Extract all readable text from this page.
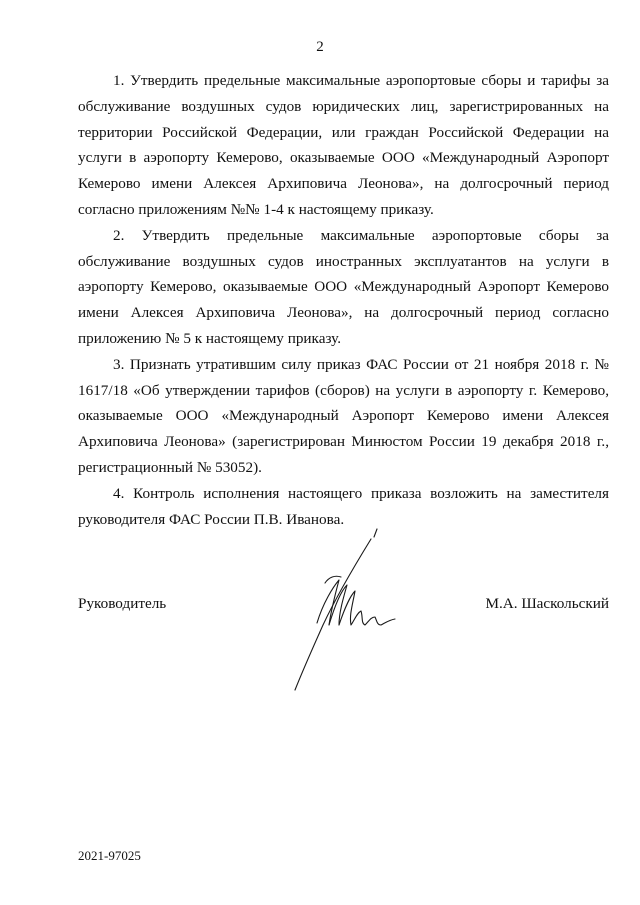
2

1. Утвердить предельные максимальные аэропортовые сборы и тарифы за обслуживание воздушных судов юридических лиц, зарегистрированных на территории Российской Федерации, или граждан Российской Федерации на услуги в аэропорту Кемерово, оказываемые ООО «Международный Аэропорт Кемерово имени Алексея Архиповича Леонова», на долгосрочный период согласно приложениям №№ 1-4 к настоящему приказу.

2. Утвердить предельные максимальные аэропортовые сборы за обслуживание воздушных судов иностранных эксплуатантов на услуги в аэропорту Кемерово, оказываемые ООО «Международный Аэропорт Кемерово имени Алексея Архиповича Леонова», на долгосрочный период согласно приложению № 5 к настоящему приказу.

3. Признать утратившим силу приказ ФАС России от 21 ноября 2018 г. № 1617/18 «Об утверждении тарифов (сборов) на услуги в аэропорту г. Кемерово, оказываемые ООО «Международный Аэропорт Кемерово имени Алексея Архиповича Леонова» (зарегистрирован Минюстом России 19 декабря 2018 г., регистрационный № 53052).

4. Контроль исполнения настоящего приказа возложить на заместителя руководителя ФАС России П.В. Иванова.

Руководитель	М.А. Шаскольский
2021-97025
